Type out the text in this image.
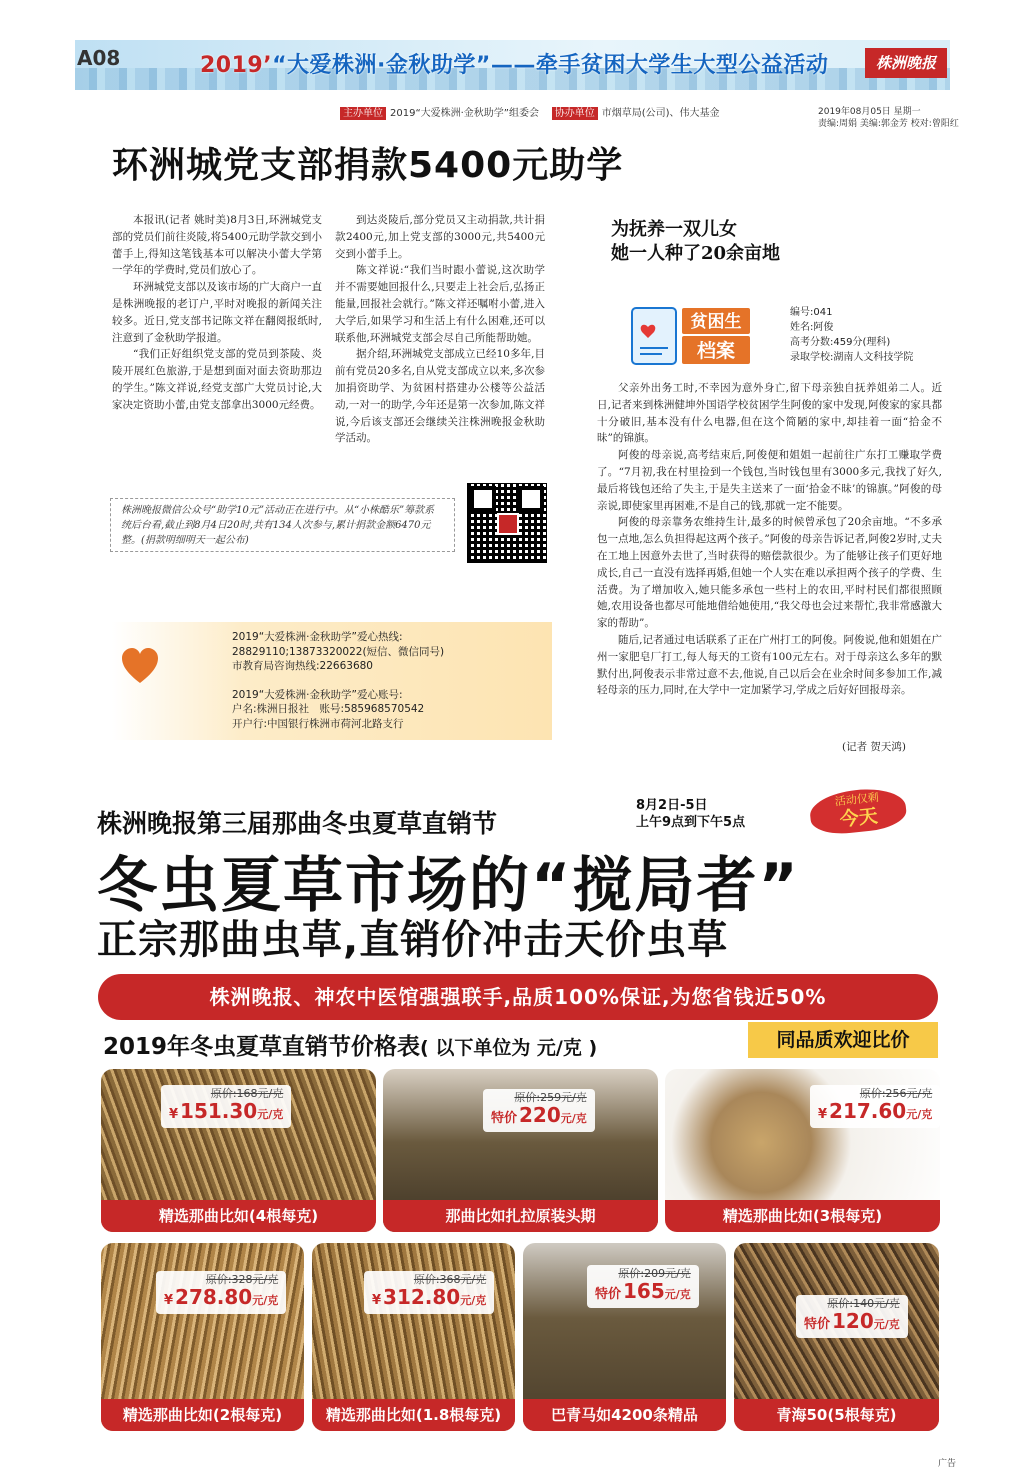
A08	2019’“大爱株洲·金秋助学”——牵手贫困大学生大型公益活动	株洲晚报
主办单位 2019“大爱株洲·金秋助学”组委会 协办单位 市烟草局(公司)、伟大基金	2019年08月05日 星期一
责编:周娟 美编:郭金芳 校对:曾阳红
环洲城党支部捐款5400元助学

本报讯(记者 姚时美)8月3日,环洲城党支部的党员们前往炎陵,将5400元助学款交到小蕾手上,得知这笔钱基本可以解决小蕾大学第一学年的学费时,党员们放心了。

环洲城党支部以及该市场的广大商户一直是株洲晚报的老订户,平时对晚报的新闻关注较多。近日,党支部书记陈文祥在翻阅报纸时,注意到了金秋助学报道。

“我们正好组织党支部的党员到茶陵、炎陵开展红色旅游,于是想到面对面去资助那边的学生。”陈文祥说,经党支部广大党员讨论,大家决定资助小蕾,由党支部拿出3000元经费。

到达炎陵后,部分党员又主动捐款,共计捐款2400元,加上党支部的3000元,共5400元交到小蕾手上。

陈文祥说:“我们当时跟小蕾说,这次助学并不需要她回报什么,只要走上社会后,弘扬正能量,回报社会就行。”陈文祥还嘱咐小蕾,进入大学后,如果学习和生活上有什么困难,还可以联系他,环洲城党支部会尽自己所能帮助她。

据介绍,环洲城党支部成立已经10多年,目前有党员20多名,自从党支部成立以来,多次参加捐资助学、为贫困村搭建办公楼等公益活动,一对一的助学,今年还是第一次参加,陈文祥说,今后该支部还会继续关注株洲晚报金秋助学活动。

株洲晚报微信公众号“助学10元”活动正在进行中。从“小株酷乐”筹款系统后台看,截止到8月4日20时,共有134人次参与,累计捐款金额6470元整。(捐款明细明天一起公布)

2019“大爱株洲·金秋助学”爱心热线:
28829110;13873320022(短信、微信同号)
市教育局咨询热线:22663680
2019“大爱株洲·金秋助学”爱心账号:
户名:株洲日报社　账号:585968570542
开户行:中国银行株洲市荷河北路支行
为抚养一双儿女
她一人种了20余亩地
贫困生
档案
编号:041
姓名:阿俊
高考分数:459分(理科)
录取学校:湖南人文科技学院

父亲外出务工时,不幸因为意外身亡,留下母亲独自抚养姐弟二人。近日,记者来到株洲健坤外国语学校贫困学生阿俊的家中发现,阿俊家的家具都十分破旧,基本没有什么电器,但在这个简陋的家中,却挂着一面“拾金不昧”的锦旗。

阿俊的母亲说,高考结束后,阿俊便和姐姐一起前往广东打工赚取学费了。“7月初,我在村里捡到一个钱包,当时钱包里有3000多元,我找了好久,最后将钱包还给了失主,于是失主送来了一面‘拾金不昧’的锦旗。”阿俊的母亲说,即使家里再困难,不是自己的钱,那就一定不能要。

阿俊的母亲靠务农维持生计,最多的时候曾承包了20余亩地。“不多承包一点地,怎么负担得起这两个孩子。”阿俊的母亲告诉记者,阿俊2岁时,丈夫在工地上因意外去世了,当时获得的赔偿款很少。为了能够让孩子们更好地成长,自己一直没有选择再婚,但她一个人实在难以承担两个孩子的学费、生活费。为了增加收入,她只能多承包一些村上的农田,平时村民们都很照顾她,农用设备也都尽可能地借给她使用,“我父母也会过来帮忙,我非常感激大家的帮助”。

随后,记者通过电话联系了正在广州打工的阿俊。阿俊说,他和姐姐在广州一家肥皂厂打工,每人每天的工资有100元左右。对于母亲这么多年的默默付出,阿俊表示非常过意不去,他说,自己以后会在业余时间多参加工作,减轻母亲的压力,同时,在大学中一定加紧学习,学成之后好好回报母亲。

(记者 贺天鸿)
株洲晚报第三届那曲冬虫夏草直销节
8月2日-5日
上午9点到下午5点
活动仅剩
今天
冬虫夏草市场的“搅局者”
正宗那曲虫草,直销价冲击天价虫草
株洲晚报、神农中医馆强强联手,品质100%保证,为您省钱近50%
2019年冬虫夏草直销节价格表( 以下单位为 元/克 )	同品质欢迎比价
原价:168元/克
¥ 151.30元/克
精选那曲比如(4根每克)
原价:259元/克
特价 220元/克
那曲比如扎拉原装头期
原价:256元/克
¥ 217.60元/克
精选那曲比如(3根每克)
原价:328元/克
¥ 278.80元/克
精选那曲比如(2根每克)
原价:368元/克
¥ 312.80元/克
精选那曲比如(1.8根每克)
原价:209元/克
特价 165元/克
巴青马如4200条精品
原价:140元/克
特价 120元/克
青海50(5根每克)
广告
